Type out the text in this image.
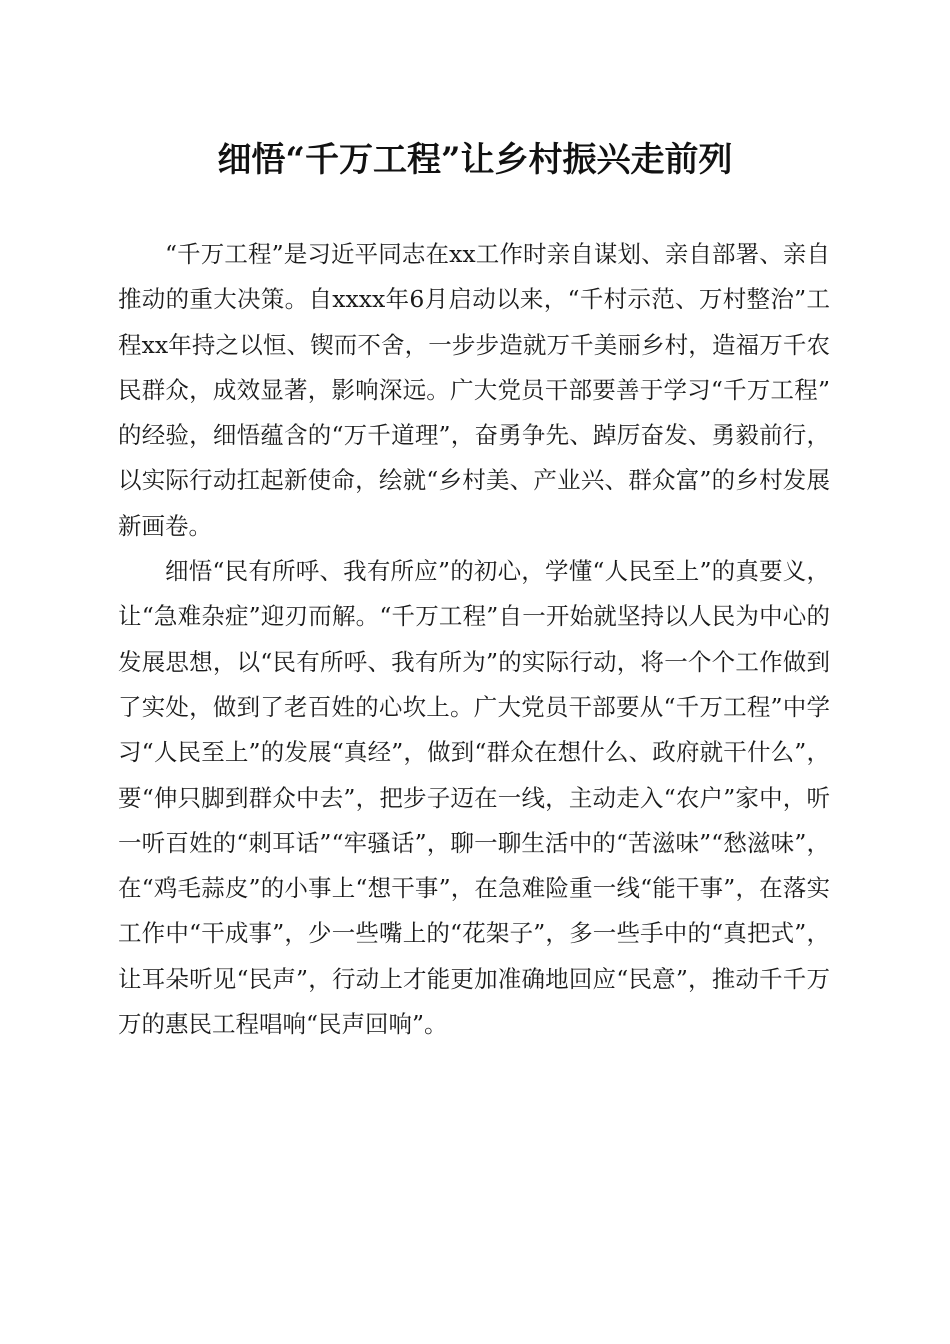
细悟“千万工程”让乡村振兴走前列

“千万工程”是习近平同志在xx工作时亲自谋划、亲自部署、亲自推动的重大决策。自xxxx年6月启动以来，“千村示范、万村整治”工程xx年持之以恒、锲而不舍，一步步造就万千美丽乡村，造福万千农民群众，成效显著，影响深远。广大党员干部要善于学习“千万工程”的经验，细悟蕴含的“万千道理”，奋勇争先、踔厉奋发、勇毅前行，以实际行动扛起新使命，绘就“乡村美、产业兴、群众富”的乡村发展新画卷。

细悟“民有所呼、我有所应”的初心，学懂“人民至上”的真要义，让“急难杂症”迎刃而解。“千万工程”自一开始就坚持以人民为中心的发展思想，以“民有所呼、我有所为”的实际行动，将一个个工作做到了实处，做到了老百姓的心坎上。广大党员干部要从“千万工程”中学习“人民至上”的发展“真经”，做到“群众在想什么、政府就干什么”，要“伸只脚到群众中去”，把步子迈在一线，主动走入“农户”家中，听一听百姓的“刺耳话”“牢骚话”，聊一聊生活中的“苦滋味”“愁滋味”，在“鸡毛蒜皮”的小事上“想干事”，在急难险重一线“能干事”，在落实工作中“干成事”，少一些嘴上的“花架子”，多一些手中的“真把式”，让耳朵听见“民声”，行动上才能更加准确地回应“民意”，推动千千万万的惠民工程唱响“民声回响”。
